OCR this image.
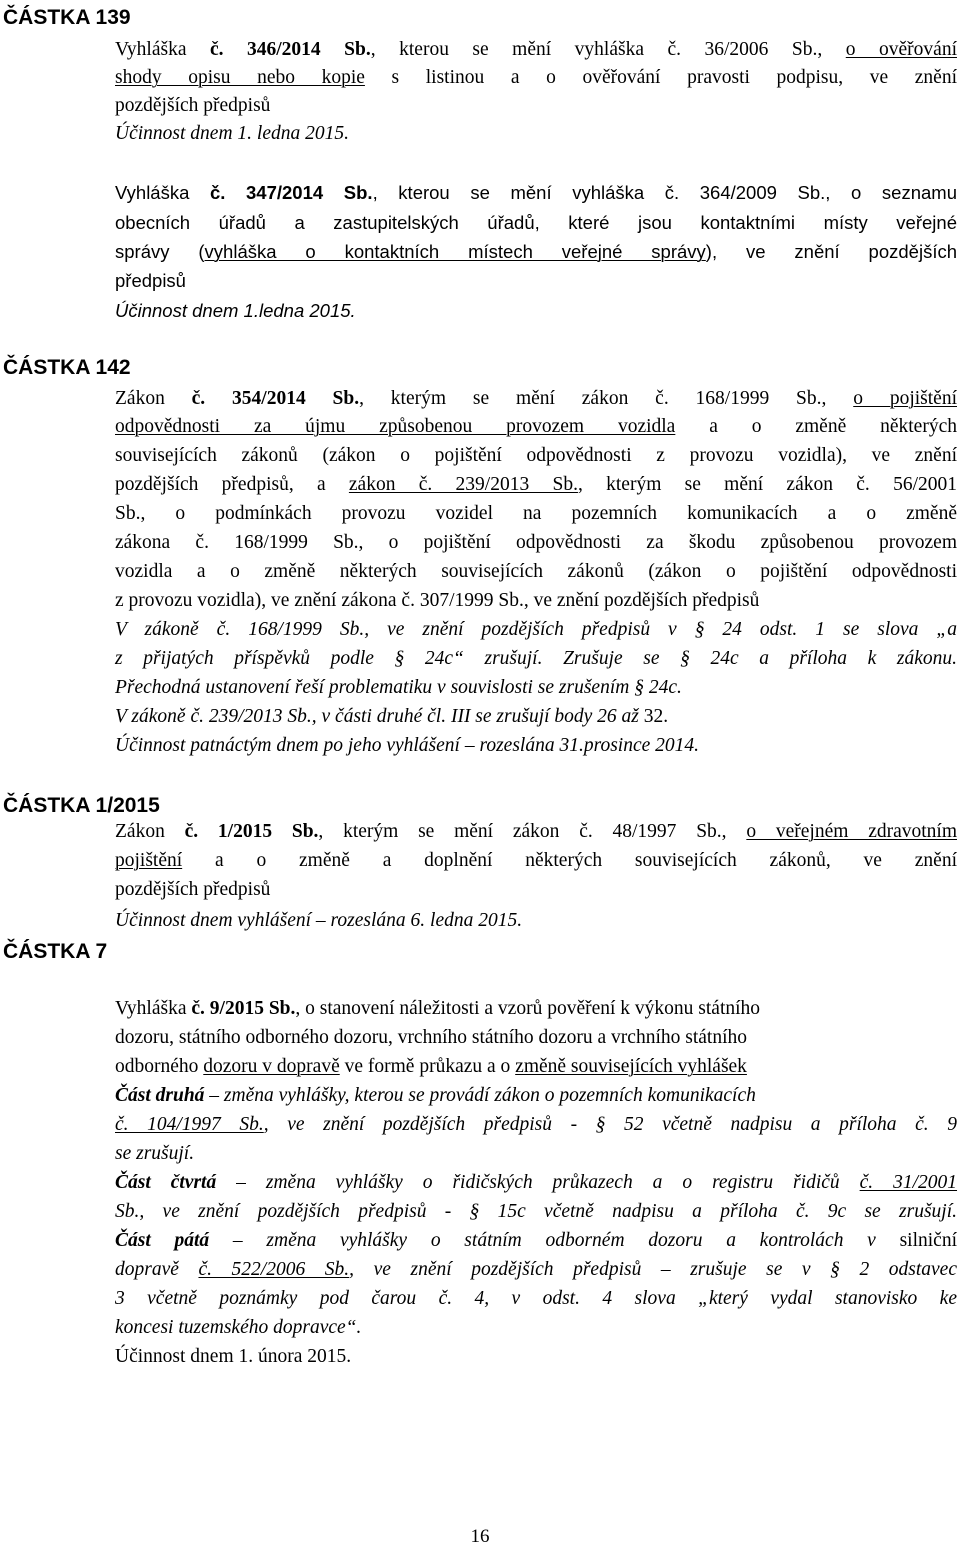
ČÁSTKA 139
Vyhláška č. 346/2014 Sb., kterou se mění vyhláška č. 36/2006 Sb., o ověřování
shody opisu nebo kopie s listinou a o ověřování pravosti podpisu, ve znění
pozdějších předpisů
Účinnost dnem 1. ledna 2015.
Vyhláška č. 347/2014 Sb., kterou se mění vyhláška č. 364/2009 Sb., o seznamu
obecních úřadů a zastupitelských úřadů, které jsou kontaktními místy veřejné
správy (vyhláška o kontaktních místech veřejné správy), ve znění pozdějších
předpisů
Účinnost dnem 1.ledna 2015.
ČÁSTKA 142
Zákon č. 354/2014 Sb., kterým se mění zákon č. 168/1999 Sb., o pojištění
odpovědnosti za újmu způsobenou provozem vozidla a o změně některých
souvisejících zákonů (zákon o pojištění odpovědnosti z provozu vozidla), ve znění
pozdějších předpisů, a zákon č. 239/2013 Sb., kterým se mění zákon č. 56/2001
Sb., o podmínkách provozu vozidel na pozemních komunikacích a o změně
zákona č. 168/1999 Sb., o pojištění odpovědnosti za škodu způsobenou provozem
vozidla a o změně některých souvisejících zákonů (zákon o pojištění odpovědnosti
z provozu vozidla), ve znění zákona č. 307/1999 Sb., ve znění pozdějších předpisů
V zákoně č. 168/1999 Sb., ve znění pozdějších předpisů v § 24 odst. 1 se slova „a
z přijatých příspěvků podle § 24c“ zrušují. Zrušuje se § 24c a příloha k zákonu.
Přechodná ustanovení řeší problematiku v souvislosti se zrušením § 24c.
V zákoně č. 239/2013 Sb., v části druhé čl. III se zrušují body 26 až 32.
Účinnost patnáctým dnem po jeho vyhlášení – rozeslána 31.prosince 2014.
ČÁSTKA 1/2015
Zákon č. 1/2015 Sb., kterým se mění zákon č. 48/1997 Sb., o veřejném zdravotním
pojištění a o změně a doplnění některých souvisejících zákonů, ve znění
pozdějších předpisů
Účinnost dnem vyhlášení – rozeslána 6. ledna 2015.
ČÁSTKA 7
Vyhláška č. 9/2015 Sb., o stanovení náležitosti a vzorů pověření k výkonu státního
dozoru, státního odborného dozoru, vrchního státního dozoru a vrchního státního
odborného dozoru v dopravě ve formě průkazu a o změně souvisejících vyhlášek
Část druhá – změna vyhlášky, kterou se provádí zákon o pozemních komunikacích
č. 104/1997 Sb., ve znění pozdějších předpisů - § 52 včetně nadpisu a příloha č. 9
se zrušují.
Část čtvrtá – změna vyhlášky o řidičských průkazech a o registru řidičů č. 31/2001
Sb., ve znění pozdějších předpisů - § 15c včetně nadpisu a příloha č. 9c se zrušují.
Část pátá – změna vyhlášky o státním odborném dozoru a kontrolách v silniční
dopravě č. 522/2006 Sb., ve znění pozdějších předpisů – zrušuje se v § 2 odstavec
3 včetně poznámky pod čarou č. 4, v odst. 4 slova „který vydal stanovisko ke
koncesi tuzemského dopravce“.
Účinnost dnem 1. února 2015.
16
